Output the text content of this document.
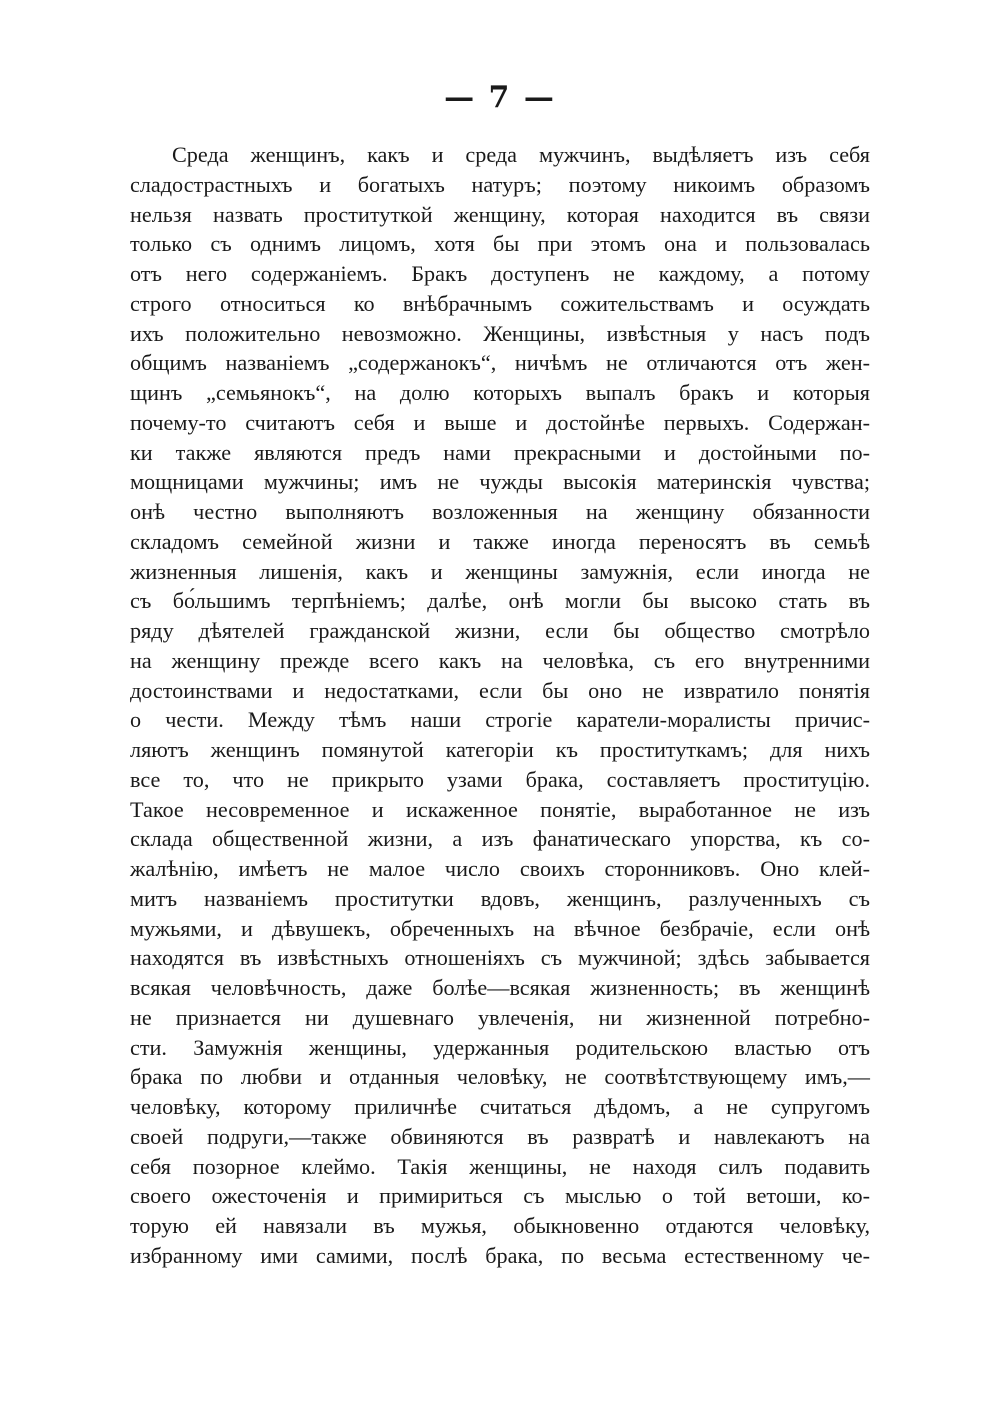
— 7 —
Среда женщинъ, какъ и среда мужчинъ, выдѣляетъ изъ себя
сладострастныхъ и богатыхъ натуръ; поэтому никоимъ образомъ
нельзя назвать проституткой женщину, которая находится въ связи
только съ однимъ лицомъ, хотя бы при этомъ она и пользовалась
отъ него содержаніемъ. Бракъ доступенъ не каждому, а потому
строго относиться ко внѣбрачнымъ сожительствамъ и осуждать
ихъ положительно невозможно. Женщины, извѣстныя у насъ подъ
общимъ названіемъ „содержанокъ“, ничѣмъ не отличаются отъ жен-
щинъ „семьянокъ“, на долю которыхъ выпалъ бракъ и которыя
почему-то считаютъ себя и выше и достойнѣе первыхъ. Содержан-
ки также являются предъ нами прекрасными и достойными по-
мощницами мужчины; имъ не чужды высокія материнскія чувства;
онѣ честно выполняютъ возложенныя на женщину обязанности
складомъ семейной жизни и также иногда переносятъ въ семьѣ
жизненныя лишенія, какъ и женщины замужнія, если иногда не
съ бо́льшимъ терпѣніемъ; далѣе, онѣ могли бы высоко стать въ
ряду дѣятелей гражданской жизни, если бы общество смотрѣло
на женщину прежде всего какъ на человѣка, съ его внутренними
достоинствами и недостатками, если бы оно не извратило понятія
о чести. Между тѣмъ наши строгіе каратели-моралисты причис-
ляютъ женщинъ помянутой категоріи къ проституткамъ; для нихъ
все то, что не прикрыто узами брака, составляетъ проституцію.
Такое несовременное и искаженное понятіе, выработанное не изъ
склада общественной жизни, а изъ фанатическаго упорства, къ со-
жалѣнію, имѣетъ не малое число своихъ сторонниковъ. Оно клей-
митъ названіемъ проститутки вдовъ, женщинъ, разлученныхъ съ
мужьями, и дѣвушекъ, обреченныхъ на вѣчное безбрачіе, если онѣ
находятся въ извѣстныхъ отношеніяхъ съ мужчиной; здѣсь забывается
всякая человѣчность, даже болѣе—всякая жизненность; въ женщинѣ
не признается ни душевнаго увлеченія, ни жизненной потребно-
сти. Замужнія женщины, удержанныя родительскою властью отъ
брака по любви и отданныя человѣку, не соотвѣтствующему имъ,—
человѣку, которому приличнѣе считаться дѣдомъ, а не супругомъ
своей подруги,—также обвиняются въ развратѣ и навлекаютъ на
себя позорное клеймо. Такія женщины, не находя силъ подавить
своего ожесточенія и примириться съ мыслью о той ветоши, ко-
торую ей навязали въ мужья, обыкновенно отдаются человѣку,
избранному ими самими, послѣ брака, по весьма естественному че-
